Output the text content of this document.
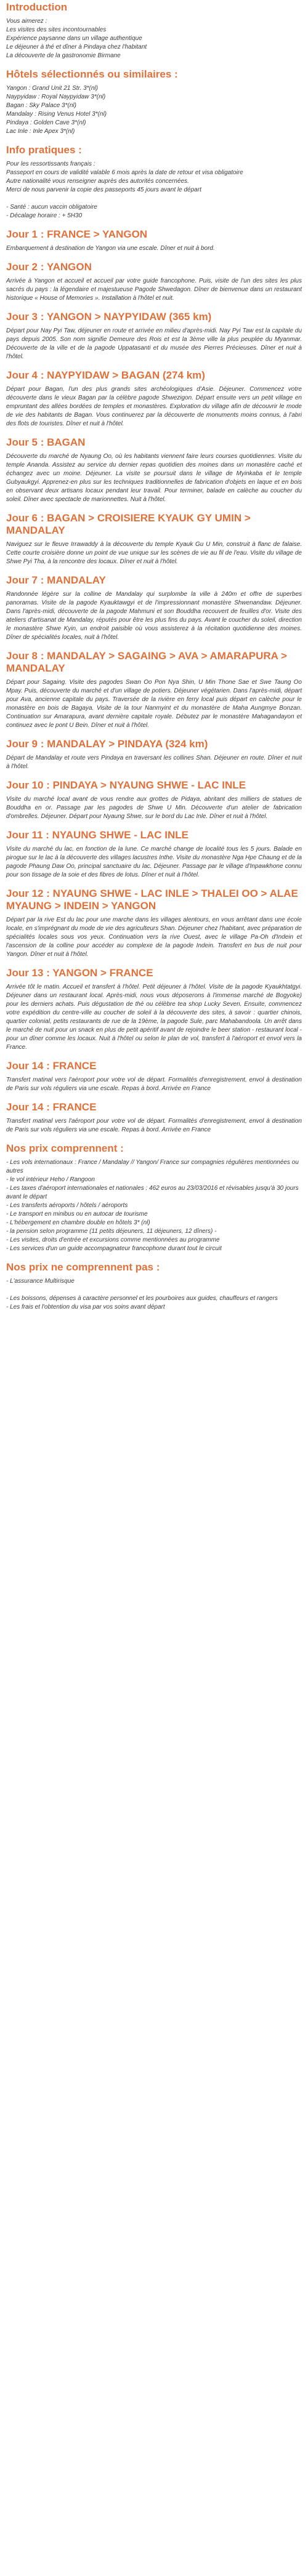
Introduction

Vous aimerez :

Les visites des sites incontournables

Expérience paysanne dans un village authentique

Le déjeuner à thé et dîner à Pindaya chez l'habitant

La découverte de la gastronomie Birmane

Hôtels sélectionnés ou similaires :

Yangon : Grand Unit 21 Str. 3*(nl)

Naypyidaw : Royal Naypyidaw 3*(nl)

Bagan : Sky Palace 3*(nl)

Mandalay : Rising Venus Hotel 3*(nl)

Pindaya : Golden Cave 3*(nl)

Lac Inle : Inle Apex 3*(nl)

Info pratiques :

Pour les ressortissants français :

Passeport en cours de validité valable 6 mois après la date de retour et visa obligatoire

Autre nationalité vous renseigner auprès des autorités concernées.

Merci de nous parvenir la copie des passeports 45 jours avant le départ

- Santé : aucun vaccin obligatoire

- Décalage horaire : + 5H30

Jour 1 : FRANCE > YANGON

Embarquement à destination de Yangon via une escale. Dîner et nuit à bord.

Jour 2 : YANGON

Arrivée à Yangon et accueil et accueil par votre guide francophone. Puis, visite de l'un des sites les plus sacrés du pays : la légendaire et majestueuse Pagode Shwedagon. Dîner de bienvenue dans un restaurant historique « House of Memories ». Installation à l'hôtel et nuit.

Jour 3 : YANGON > NAYPYIDAW (365 km)

Départ pour Nay Pyi Taw, déjeuner en route et arrivée en milieu d'après-midi. Nay Pyi Taw est la capitale du pays depuis 2005. Son nom signifie Demeure des Rois et est la 3ème ville la plus peuplée du Myanmar. Découverte de la ville et de la pagode Uppatasanti et du musée des Pierres Précieuses. Dîner et nuit à l'hôtel.

Jour 4 : NAYPYIDAW > BAGAN (274 km)

Départ pour Bagan, l'un des plus grands sites archéologiques d'Asie. Déjeuner. Commencez votre découverte dans le vieux Bagan par la célèbre pagode Shwezigon. Départ ensuite vers un petit village en empruntant des allées bordées de temples et monastères. Exploration du village afin de découvrir le mode de vie des habitants de Bagan. Vous continuerez par la découverte de monuments moins connus, à l'abri des flots de touristes. Dîner et nuit à l'hôtel.

Jour 5 : BAGAN

Découverte du marché de Nyaung Oo, où les habitants viennent faire leurs courses quotidiennes. Visite du temple Ananda. Assistez au service du dernier repas quotidien des moines dans un monastère caché et échangez avec un moine. Déjeuner. La visite se poursuit dans le village de Myinkaba et le temple Gubyaukgyi. Apprenez-en plus sur les techniques traditionnelles de fabrication d'objets en laque et en bois en observant deux artisans locaux pendant leur travail. Pour terminer, balade en calèche au coucher du soleil. Dîner avec spectacle de marionnettes. Nuit à l'hôtel.

Jour 6 : BAGAN > CROISIERE KYAUK GY UMIN > MANDALAY

Naviguez sur le fleuve Irrawaddy à la découverte du temple Kyauk Gu U Min, construit à flanc de falaise. Cette courte croisière donne un point de vue unique sur les scènes de vie au fil de l'eau. Visite du village de Shwe Pyi Tha, à la rencontre des locaux. Dîner et nuit à l'hôtel.

Jour 7 : MANDALAY

Randonnée légère sur la colline de Mandalay qui surplombe la ville à 240m et offre de superbes panoramas. Visite de la pagode Kyauktawgyi et de l'impressionnant monastère Shwenandaw. Déjeuner. Dans l'après-midi, découverte de la pagode Mahmuni et son Bouddha recouvert de feuilles d'or. Visite des ateliers d'artisanat de Mandalay, réputés pour être les plus fins du pays. Avant le coucher du soleil, direction le monastère Shwe Kyin, un endroit paisible où vous assisterez à la récitation quotidienne des moines. Dîner de spécialités locales, nuit à l'hôtel.

Jour 8 : MANDALAY > SAGAING > AVA > AMARAPURA > MANDALAY

Départ pour Sagaing. Visite des pagodes Swan Oo Pon Nya Shin, U Min Thone Sae et Swe Taung Oo Mpay. Puis, découverte du marché et d'un village de potiers. Déjeuner végétarien. Dans l'après-midi, départ pour Ava, ancienne capitale du pays. Traversée de la rivière en ferry local puis départ en calèche pour le monastère en bois de Bagaya. Visite de la tour Nanmyint et du monastère de Maha Aungmye Bonzan. Continuation sur Amarapura, avant dernière capitale royale. Débutez par le monastère Mahagandayon et continuez avec le pont U Bein. Dîner et nuit à l'hôtel.

Jour 9 : MANDALAY > PINDAYA (324 km)

Départ de Mandalay et route vers Pindaya en traversant les collines Shan. Déjeuner en route. Dîner et nuit à l'hôtel.

Jour 10 : PINDAYA > NYAUNG SHWE - LAC INLE

Visite du marché local avant de vous rendre aux grottes de Pidaya, abritant des milliers de statues de Bouddha en or. Passage par les pagodes de Shwe U Min. Découverte d'un atelier de fabrication d'ombrelles. Déjeuner. Départ pour Nyaung Shwe, sur le bord du Lac Inle. Dîner et nuit à l'hôtel.

Jour 11 : NYAUNG SHWE - LAC INLE

Visite du marché du lac, en fonction de la lune. Ce marché change de localité tous les 5 jours. Balade en pirogue sur le lac à la découverte des villages lacustres Inthe. Visite du monastère Nga Hpe Chaung et de la pagode Phaung Daw Oo, principal sanctuaire du lac. Déjeuner. Passage par le village d'Inpawkhone connu pour son tissage de la soie et des fibres de lotus. Dîner et nuit à l'hôtel.

Jour 12 : NYAUNG SHWE - LAC INLE > THALEI OO > ALAE MYAUNG > INDEIN > YANGON

Départ par la rive Est du lac pour une marche dans les villages alentours, en vous arrêtant dans une école locale, en s'imprégnant du mode de vie des agriculteurs Shan. Déjeuner chez l'habitant, avec préparation de spécialités locales sous vos yeux. Continuation vers la rive Ouest, avec le village Pa-Oh d'Indein et l'ascension de la colline pour accéder au complexe de la pagode Indein. Transfert en bus de nuit pour Yangon. Dîner et nuit à l'hôtel.

Jour 13 : YANGON > FRANCE

Arrivée tôt le matin. Accueil et transfert à l'hôtel. Petit déjeuner à l'hôtel. Visite de la pagode Kyaukhtatgyi. Déjeuner dans un restaurant local. Après-midi, nous vous déposerons à l'immense marché de Bogyoke) pour les derniers achats. Puis dégustation de thé ou célèbre tea shop Lucky Seven. Ensuite, commencez votre expédition du centre-ville au coucher de soleil à la découverte des sites, à savoir : quartier chinois, quartier colonial, petits restaurants de rue de la 19ème, la pagode Sule, parc Mahabandoola. Un arrêt dans le marché de nuit pour un snack en plus de petit apéritif avant de rejoindre le beer station - restaurant local - pour un dîner comme les locaux. Nuit à l'hôtel ou selon le plan de vol, transfert à l'aéroport et envol vers la France.

Jour 14 : FRANCE

Transfert matinal vers l'aéroport pour votre vol de départ. Formalités d'enregistrement, envol à destination de Paris sur vols réguliers via une escale. Repas à bord. Arrivée en France

Jour 14 : FRANCE

Transfert matinal vers l'aéroport pour votre vol de départ. Formalités d'enregistrement, envol à destination de Paris sur vols réguliers via une escale. Repas à bord. Arrivée en France

Nos prix comprennent :

- Les vols internationaux : France / Mandalay // Yangon/ France sur compagnies régulières mentionnées ou autres

- le vol intérieur Heho / Rangoon

- Les taxes d'aéroport internationales et nationales : 462 euros au 23/03/2016 et révisables jusqu'à 30 jours avant le départ

- Les transferts aéroports / hôtels / aéroports

- Le transport en minibus ou en autocar de tourisme

- L'hébergement en chambre double en hôtels 3* (nl)

- la pension selon programme (11 petits déjeuners, 11 déjeuners, 12 dîners) -

- Les visites, droits d'entrée et excursions comme mentionnées au programme

- Les services d'un un guide accompagnateur francophone durant tout le circuit

Nos prix ne comprennent pas :

- L'assurance Multirisque

- Les boissons, dépenses à caractère personnel et les pourboires aux guides, chauffeurs et rangers

- Les frais et l'obtention du visa par vos soins avant départ
